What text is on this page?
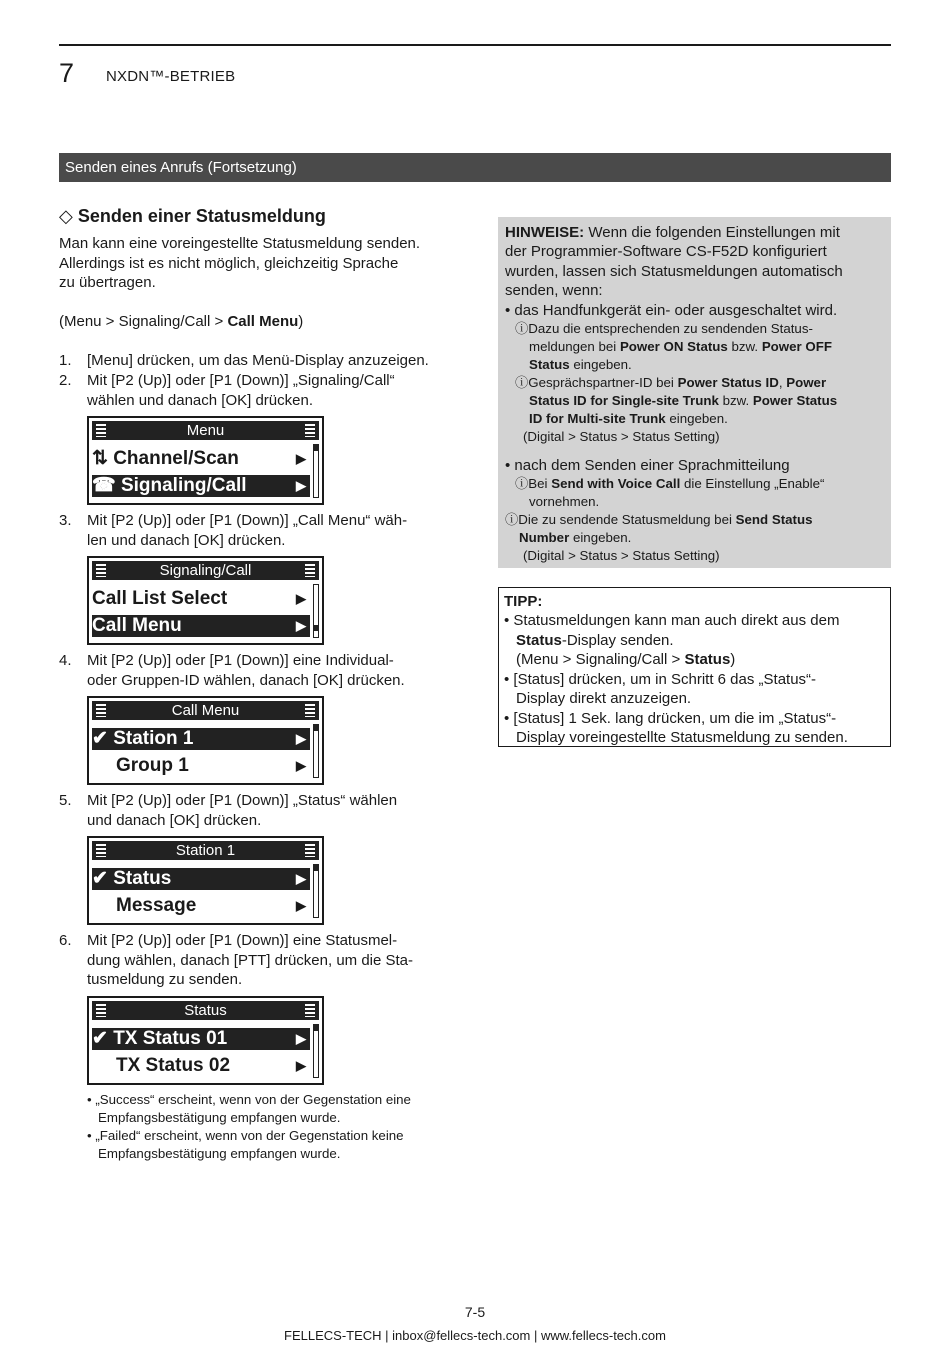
7 NXDN™-BETRIEB
Senden eines Anrufs (Fortsetzung)
◇ Senden einer Statusmeldung
Man kann eine voreingestellte Statusmeldung senden.
Allerdings ist es nicht möglich, gleichzeitig Sprache
zu übertragen.
(Menu > Signaling/Call > Call Menu)
1. [Menu] drücken, um das Menü-Display anzuzeigen.
2. Mit [P2 (Up)] oder [P1 (Down)] „Signaling/Call“
wählen und danach [OK] drücken.
Menu
⇅ Channel/Scan	▶
☎ Signaling/Call	▶
3. Mit [P2 (Up)] oder [P1 (Down)] „Call Menu“ wäh-
len und danach [OK] drücken.
Signaling/Call
Call List Select	▶
Call Menu	▶
4. Mit [P2 (Up)] oder [P1 (Down)] eine Individual-
oder Gruppen-ID wählen, danach [OK] drücken.
Call Menu
✔ Station 1	▶
Group 1	▶
5. Mit [P2 (Up)] oder [P1 (Down)] „Status“ wählen
und danach [OK] drücken.
Station 1
✔ Status	▶
Message	▶
6. Mit [P2 (Up)] oder [P1 (Down)] eine Statusmel-
dung wählen, danach [PTT] drücken, um die Sta-
tusmeldung zu senden.
Status
✔ TX Status 01	▶
TX Status 02	▶
• „Success“ erscheint, wenn von der Gegenstation eine
Empfangsbestätigung empfangen wurde.
• „Failed“ erscheint, wenn von der Gegenstation keine
Empfangsbestätigung empfangen wurde.
HINWEISE: Wenn die folgenden Einstellungen mit
der Programmier-Software CS-F52D konfiguriert
wurden, lassen sich Statusmeldungen automatisch
senden, wenn:
• das Handfunkgerät ein- oder ausgeschaltet wird.
ⓘDazu die entsprechenden zu sendenden Status-
meldungen bei Power ON Status bzw. Power OFF
Status eingeben.
ⓘGesprächspartner-ID bei Power Status ID, Power
Status ID for Single-site Trunk bzw. Power Status
ID for Multi-site Trunk eingeben.
(Digital > Status > Status Setting)
• nach dem Senden einer Sprachmitteilung
ⓘBei Send with Voice Call die Einstellung „Enable“
vornehmen.
ⓘDie zu sendende Statusmeldung bei Send Status
Number eingeben.
(Digital > Status > Status Setting)
TIPP:
• Statusmeldungen kann man auch direkt aus dem
Status-Display senden.
(Menu > Signaling/Call > Status)
• [Status] drücken, um in Schritt 6 das „Status“-
Display direkt anzuzeigen.
• [Status] 1 Sek. lang drücken, um die im „Status“-
Display voreingestellte Statusmeldung zu senden.
7-5
FELLECS-TECH | inbox@fellecs-tech.com | www.fellecs-tech.com
